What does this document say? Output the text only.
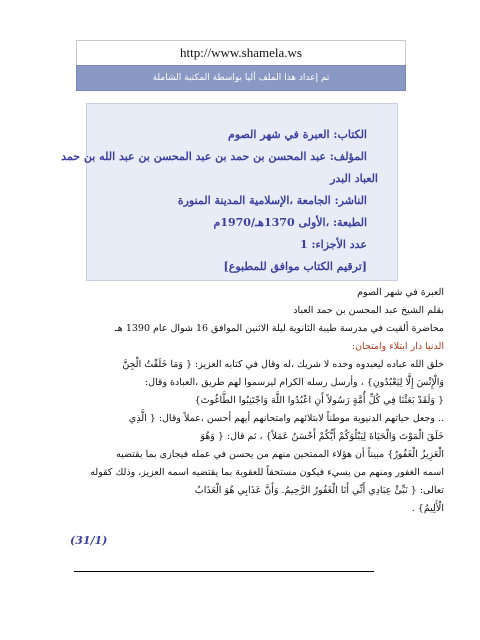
http://www.shamela.ws
تم إعداد هذا الملف آليا بواسطة المكتبة الشاملة
الكتاب: العبرة في شهر الصوم
المؤلف: عبد المحسن بن حمد بن عبد المحسن بن عبد الله بن حمد
العباد البدر
الناشر: الجامعة ،الإسلامية المدينة المنورة
الطبعة: ،الأولى 1370هـ/1970م
عدد الأجزاء: 1
[ترقيم الكتاب موافق للمطبوع]
العبرة في شهر الصوم
بقلم الشيخ عبد المحسن بن حمد العباد
محاضرة ألقيت في مدرسة طيبة الثانوية ليلة الاثنين الموافق 16 شوال عام 1390 هـ
الدنيا دار ابتلاء وامتحان:
خلق الله عباده ليعبدوه وحده لا شريك ،له وقال في كتابه العزيز: { وَمَا خَلَقْتُ الْجِنَّ
وَالْإِنْسَ إِلَّا لِيَعْبُدُونِ} ، وأرسل رسله الكرام ليرسموا لهم طريق ،العبادة وقال:
{ وَلَقَدْ بَعَثْنَا فِي كُلِّ أُمَّةٍ رَسُولاً أَنِ اعْبُدُوا اللَّهَ وَاجْتَنِبُوا الطَّاغُوتَ}
.. وجعل حياتهم الدنيوية موطناً لابتلائهم وامتحانهم أيهم أحسن ،عملاً وقال: { الَّذِي
خَلَقَ الْمَوْتَ وَالْحَيَاةَ لِيَبْلُوَكُمْ أَيُّكُمْ أَحْسَنُ عَمَلاً} ، ثم قال: { وَهُوَ
الْعَزِيزُ الْغَفُورُ} مبيناً أن هؤلاء الممتحين منهم من يحسن في عمله فيجازى بما يقتضيه
اسمه الغفور ومنهم من يسيء فيكون مستحقاً للعقوبة بما يقتضيه اسمه العزيز، وذلك كقوله
تعالى: { نَبِّئْ عِبَادِي أَنِّي أَنَا الْغَفُورُ الرَّحِيمُ. وَأَنَّ عَذَابِي هُوَ الْعَذَابُ
الْأَلِيمُ} .
(31/1)
